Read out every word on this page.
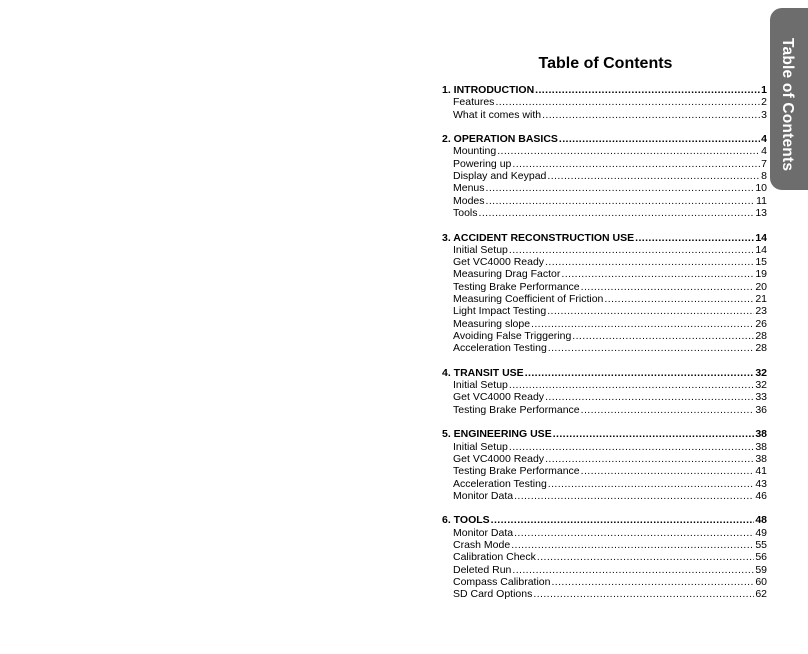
Table of Contents
Table of Contents
1. INTRODUCTION .....	1
Features .....	2
What it comes with .....	3
2. OPERATION BASICS .....	4
Mounting .....	4
Powering up .....	7
Display and Keypad .....	8
Menus .....	10
Modes .....	11
Tools .....	13
3. ACCIDENT RECONSTRUCTION USE .....	14
Initial Setup .....	14
Get VC4000 Ready .....	15
Measuring Drag Factor .....	19
Testing Brake Performance .....	20
Measuring Coefficient of Friction .....	21
Light Impact Testing .....	23
Measuring slope .....	26
Avoiding False Triggering .....	28
Acceleration Testing .....	28
4. TRANSIT USE .....	32
Initial Setup .....	32
Get VC4000 Ready .....	33
Testing Brake Performance .....	36
5. ENGINEERING USE .....	38
Initial Setup .....	38
Get VC4000 Ready .....	38
Testing Brake Performance .....	41
Acceleration Testing .....	43
Monitor Data .....	46
6. TOOLS .....	48
Monitor Data .....	49
Crash Mode .....	55
Calibration Check .....	56
Deleted Run .....	59
Compass Calibration .....	60
SD Card Options .....	62
